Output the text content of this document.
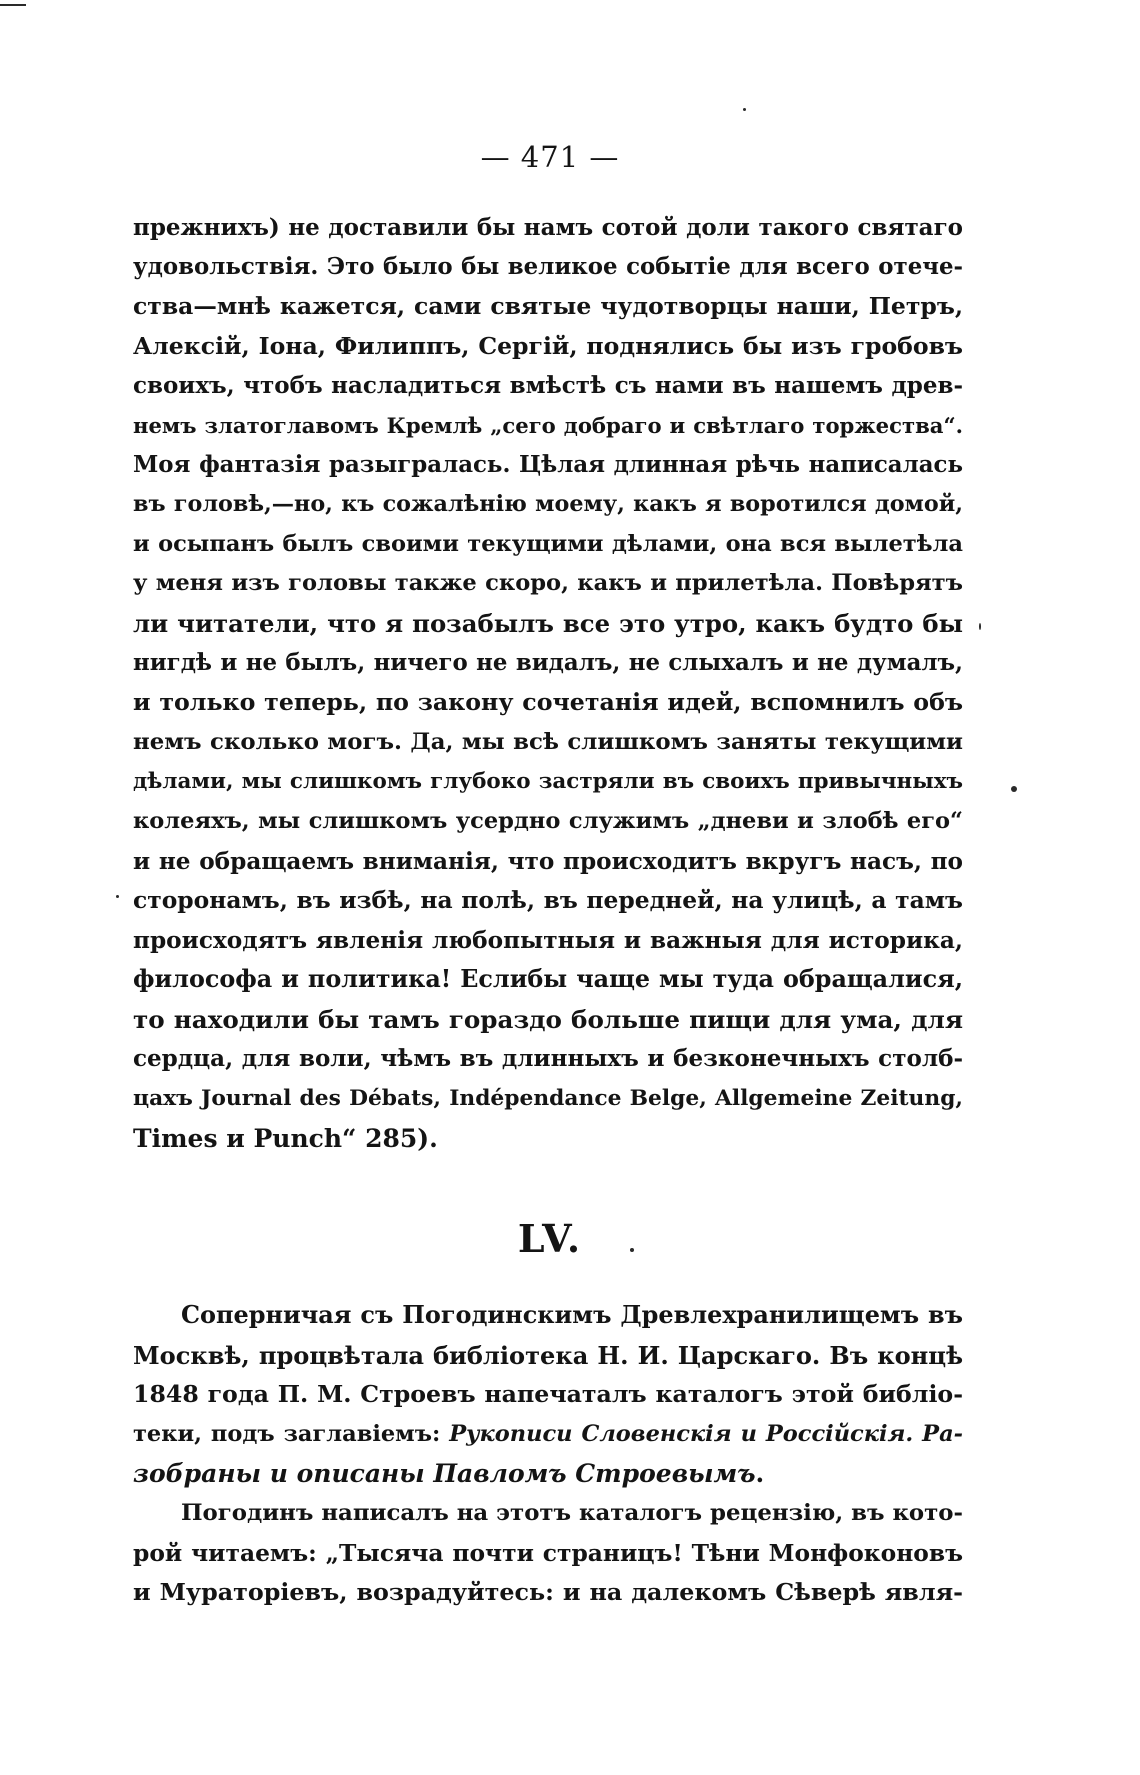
— 471 —
прежнихъ) не доставили бы намъ сотой доли такого святаго
удовольствія. Это было бы великое событіе для всего отече-
ства—мнѣ кажется, сами святые чудотворцы наши, Петръ,
Алексій, Іона, Филиппъ, Сергій, поднялись бы изъ гробовъ
своихъ, чтобъ насладиться вмѣстѣ съ нами въ нашемъ древ-
немъ златоглавомъ Кремлѣ „сего добраго и свѣтлаго торжества“.
Моя фантазія разыгралась. Цѣлая длинная рѣчь написалась
въ головѣ,—но, къ сожалѣнію моему, какъ я воротился домой,
и осыпанъ былъ своими текущими дѣлами, она вся вылетѣла
у меня изъ головы также скоро, какъ и прилетѣла. Повѣрятъ
ли читатели, что я позабылъ все это утро, какъ будто бы
нигдѣ и не былъ, ничего не видалъ, не слыхалъ и не думалъ,
и только теперь, по закону сочетанія идей, вспомнилъ объ
немъ сколько могъ. Да, мы всѣ слишкомъ заняты текущими
дѣлами, мы слишкомъ глубоко застряли въ своихъ привычныхъ
колеяхъ, мы слишкомъ усердно служимъ „дневи и злобѣ его“
и не обращаемъ вниманія, что происходитъ вкругъ насъ, по
сторонамъ, въ избѣ, на полѣ, въ передней, на улицѣ, а тамъ
происходятъ явленія любопытныя и важныя для историка,
философа и политика! Еслибы чаще мы туда обращалися,
то находили бы тамъ гораздо больше пищи для ума, для
сердца, для воли, чѣмъ въ длинныхъ и безконечныхъ столб-
цахъ Journal des Débats, Indépendance Belge, Allgemeine Zeitung,
Times и Punch“ 285).
LV.
Соперничая съ Погодинскимъ Древлехранилищемъ въ
Москвѣ, процвѣтала библіотека Н. И. Царскаго. Въ концѣ
1848 года П. М. Строевъ напечаталъ каталогъ этой библіо-
теки, подъ заглавіемъ: Рукописи Словенскія и Россійскія. Ра-
зобраны и описаны Павломъ Строевымъ.
Погодинъ написалъ на этотъ каталогъ рецензію, въ кото-
рой читаемъ: „Тысяча почти страницъ! Тѣни Монфоконовъ
и Мураторіевъ, возрадуйтесь: и на далекомъ Сѣверѣ явля-
